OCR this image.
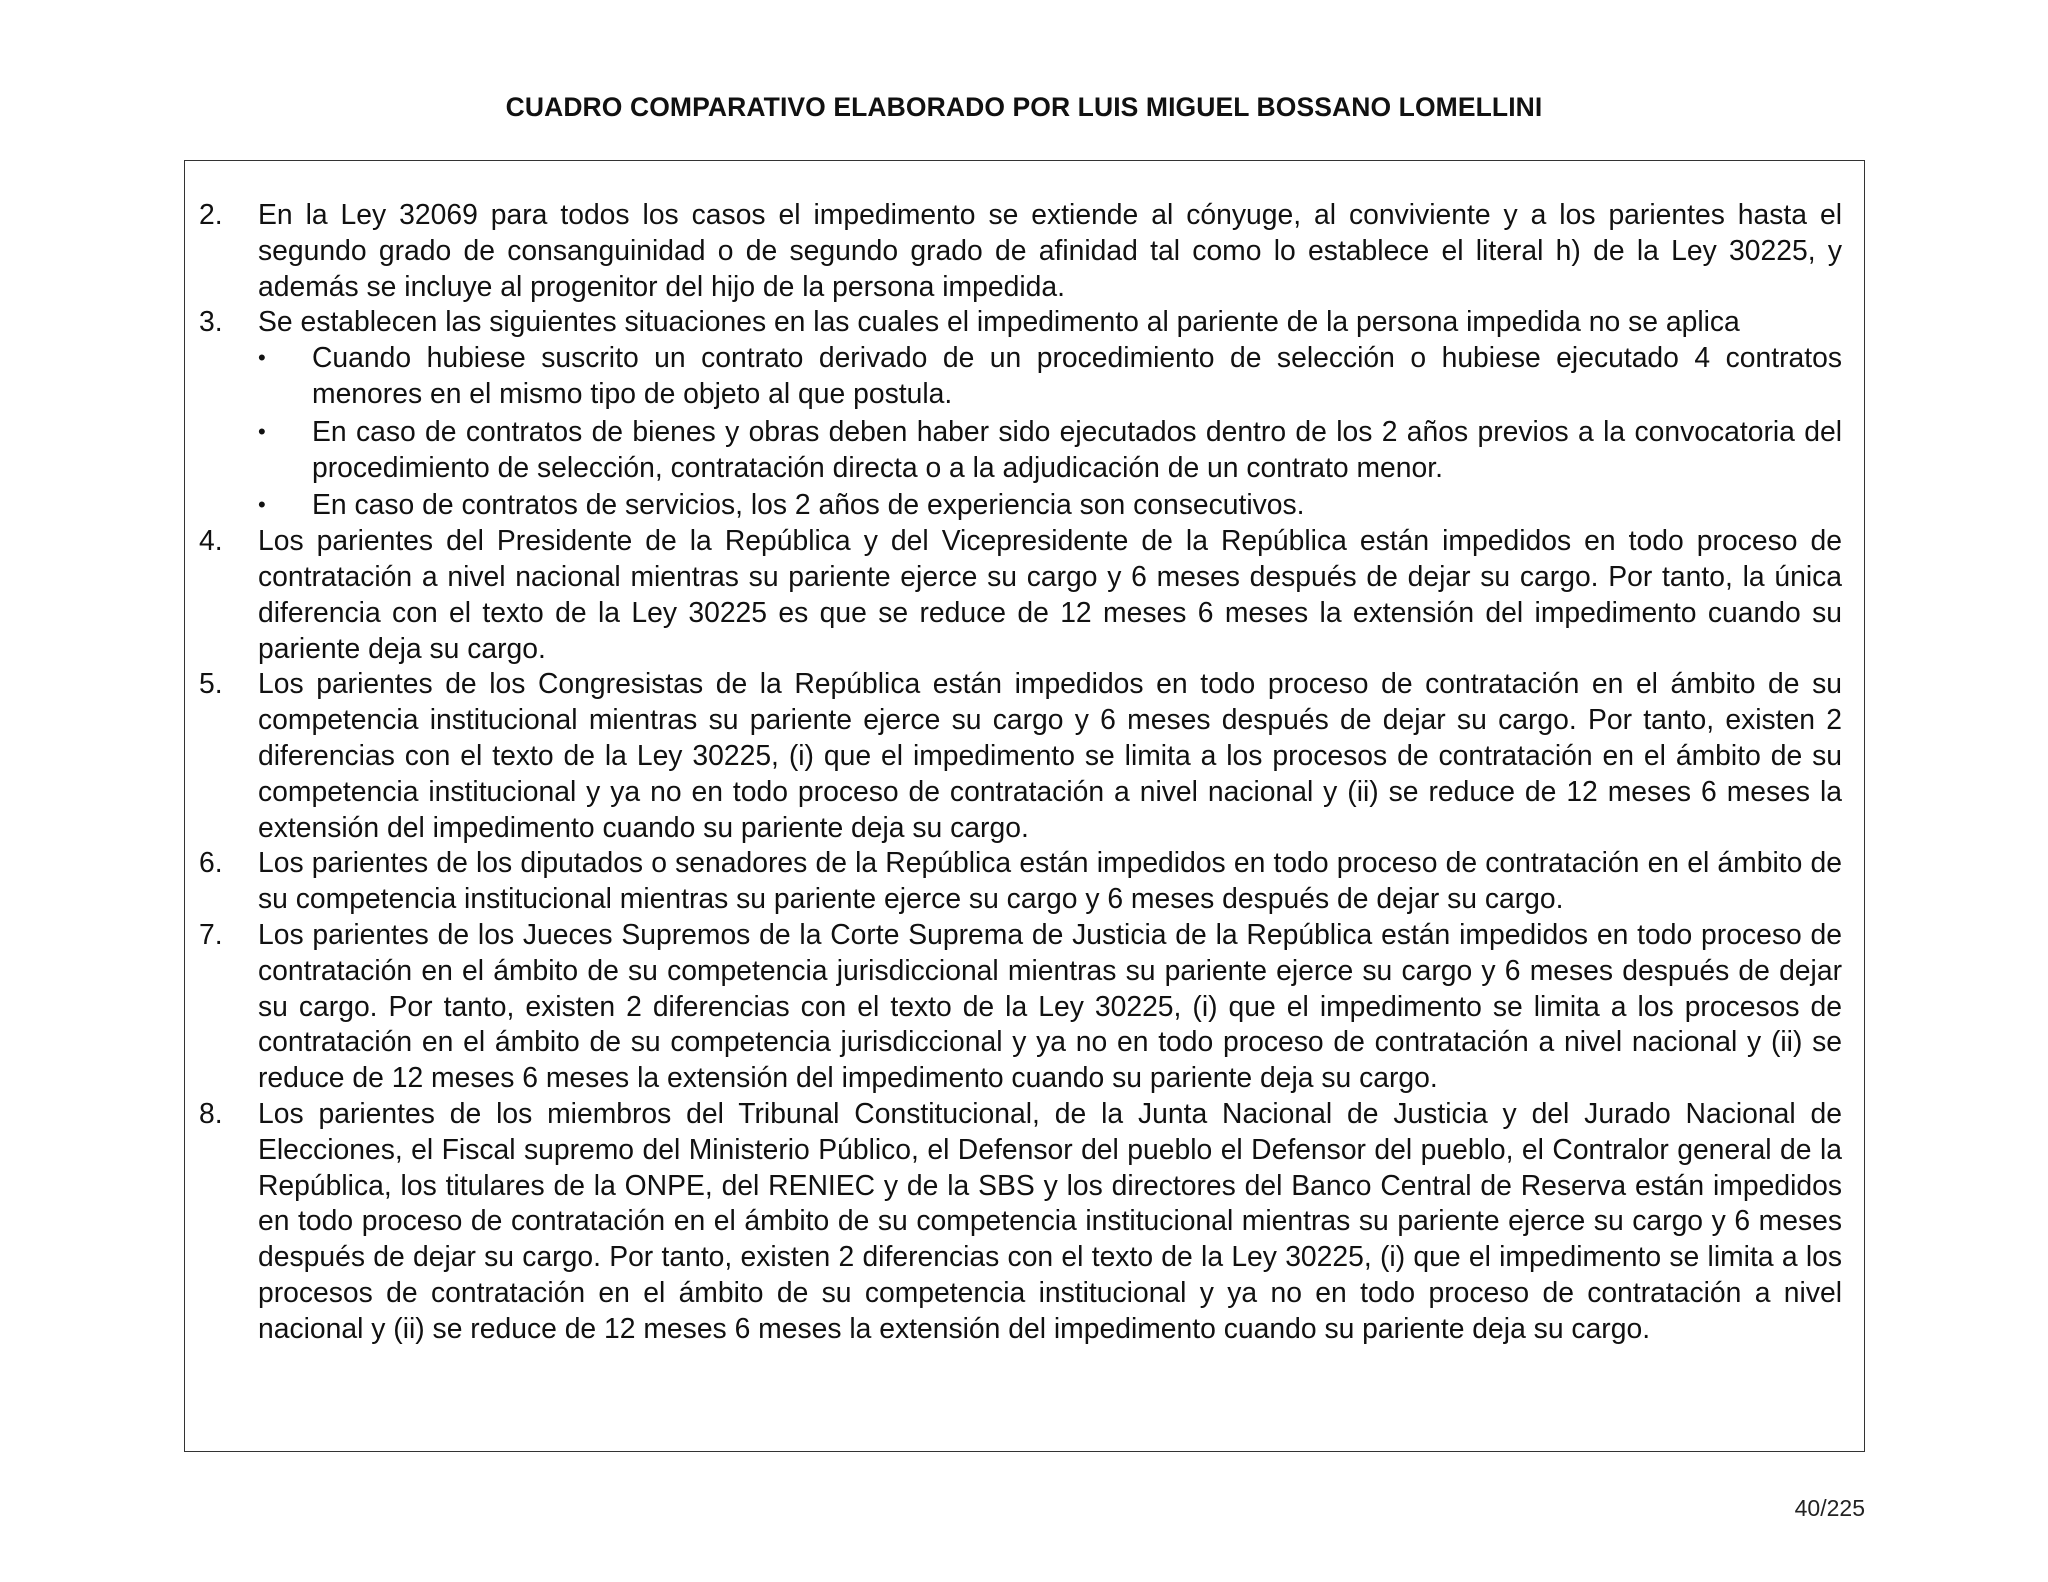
CUADRO COMPARATIVO ELABORADO POR LUIS MIGUEL BOSSANO LOMELLINI
2. En la Ley 32069 para todos los casos el impedimento se extiende al cónyuge, al conviviente y a los parientes hasta el segundo grado de consanguinidad o de segundo grado de afinidad tal como lo establece el literal h) de la Ley 30225, y además se incluye al progenitor del hijo de la persona impedida.
3. Se establecen las siguientes situaciones en las cuales el impedimento al pariente de la persona impedida no se aplica
• Cuando hubiese suscrito un contrato derivado de un procedimiento de selección o hubiese ejecutado 4 contratos menores en el mismo tipo de objeto al que postula.
• En caso de contratos de bienes y obras deben haber sido ejecutados dentro de los 2 años previos a la convocatoria del procedimiento de selección, contratación directa o a la adjudicación de un contrato menor.
• En caso de contratos de servicios, los 2 años de experiencia son consecutivos.
4. Los parientes del Presidente de la República y del Vicepresidente de la República están impedidos en todo proceso de contratación a nivel nacional mientras su pariente ejerce su cargo y 6 meses después de dejar su cargo. Por tanto, la única diferencia con el texto de la Ley 30225 es que se reduce de 12 meses 6 meses la extensión del impedimento cuando su pariente deja su cargo.
5. Los parientes de los Congresistas de la República están impedidos en todo proceso de contratación en el ámbito de su competencia institucional mientras su pariente ejerce su cargo y 6 meses después de dejar su cargo. Por tanto, existen 2 diferencias con el texto de la Ley 30225, (i) que el impedimento se limita a los procesos de contratación en el ámbito de su competencia institucional y ya no en todo proceso de contratación a nivel nacional y (ii) se reduce de 12 meses 6 meses la extensión del impedimento cuando su pariente deja su cargo.
6. Los parientes de los diputados o senadores de la República están impedidos en todo proceso de contratación en el ámbito de su competencia institucional mientras su pariente ejerce su cargo y 6 meses después de dejar su cargo.
7. Los parientes de los Jueces Supremos de la Corte Suprema de Justicia de la República están impedidos en todo proceso de contratación en el ámbito de su competencia jurisdiccional mientras su pariente ejerce su cargo y 6 meses después de dejar su cargo. Por tanto, existen 2 diferencias con el texto de la Ley 30225, (i) que el impedimento se limita a los procesos de contratación en el ámbito de su competencia jurisdiccional y ya no en todo proceso de contratación a nivel nacional y (ii) se reduce de 12 meses 6 meses la extensión del impedimento cuando su pariente deja su cargo.
8. Los parientes de los miembros del Tribunal Constitucional, de la Junta Nacional de Justicia y del Jurado Nacional de Elecciones, el Fiscal supremo del Ministerio Público, el Defensor del pueblo el Defensor del pueblo, el Contralor general de la República, los titulares de la ONPE, del RENIEC y de la SBS y los directores del Banco Central de Reserva están impedidos en todo proceso de contratación en el ámbito de su competencia institucional mientras su pariente ejerce su cargo y 6 meses después de dejar su cargo. Por tanto, existen 2 diferencias con el texto de la Ley 30225, (i) que el impedimento se limita a los procesos de contratación en el ámbito de su competencia institucional y ya no en todo proceso de contratación a nivel nacional y (ii) se reduce de 12 meses 6 meses la extensión del impedimento cuando su pariente deja su cargo.
40/225
